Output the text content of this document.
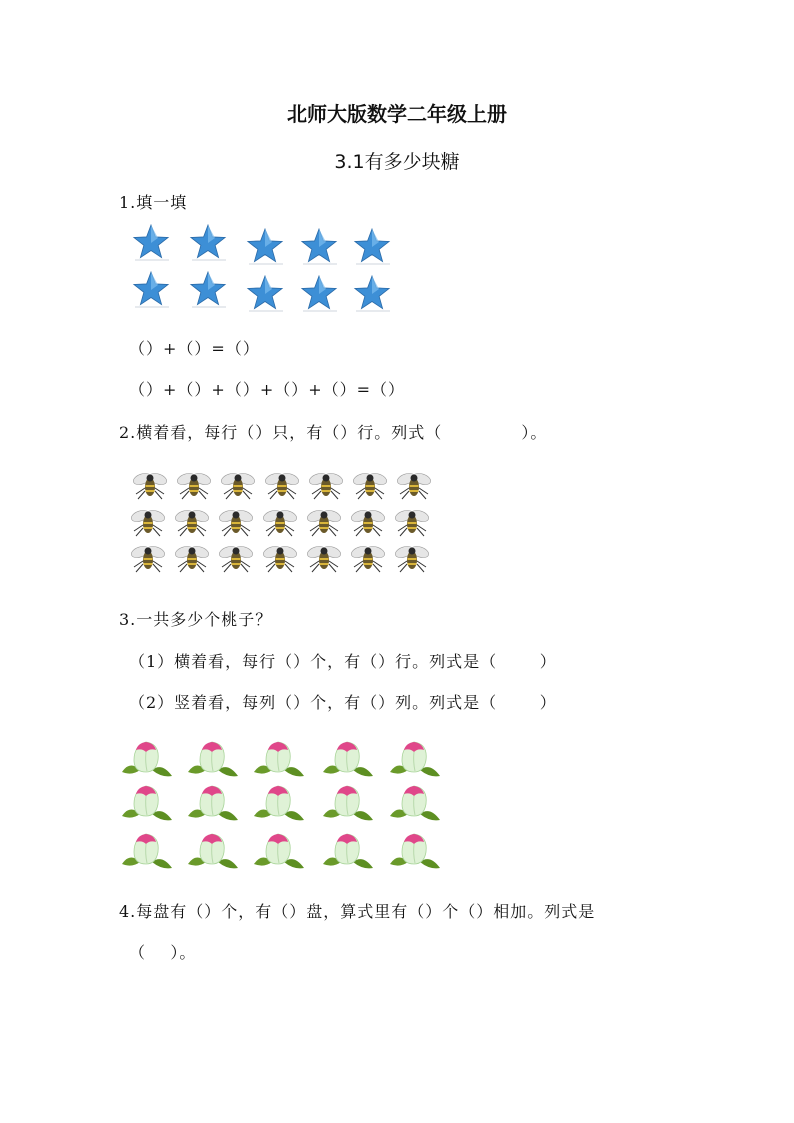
北师大版数学二年级上册
3.1有多少块糖
1.填一填
（）+（）=（）
（）+（）+（）+（）+（）=（）
2.横着看，每行（）只，有（）行。列式（             ）。
3.一共多少个桃子？
（1）横着看，每行（）个，有（）行。列式是（       ）
（2）竖着看，每列（）个，有（）列。列式是（       ）
4.每盘有（）个，有（）盘，算式里有（）个（）相加。列式是
（    ）。
